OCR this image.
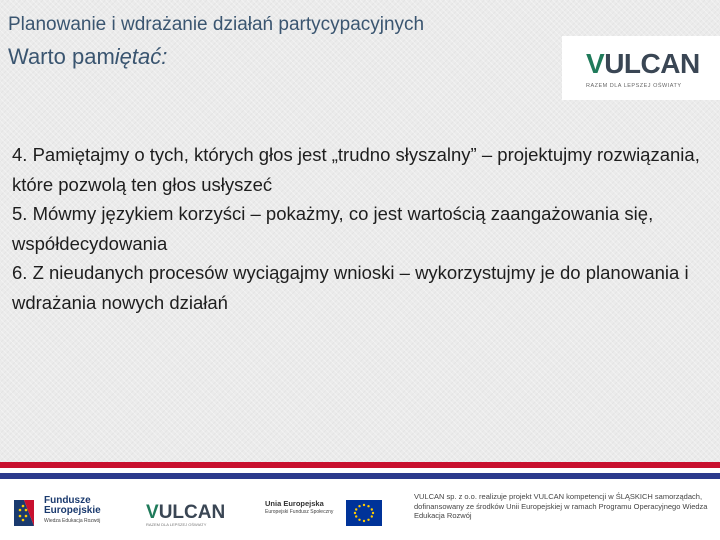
Planowanie i wdrażanie działań partycypacyjnych
Warto pamiętać:	VULCAN
RAZEM DLA LEPSZEJ OŚWIATY

4. Pamiętajmy o tych, których głos jest „trudno słyszalny” – projektujmy rozwiązania, które pozwolą ten głos usłyszeć

5. Mówmy językiem korzyści – pokażmy, co jest wartością zaangażowania się, współdecydowania

6. Z nieudanych procesów wyciągajmy wnioski – wykorzystujmy je do planowania i wdrażania nowych działań

Fundusze
Europejskie
Wiedza Edukacja Rozwój VULCAN
RAZEM DLA LEPSZEJ OŚWIATY
Unia Europejska
Europejski Fundusz Społeczny
VULCAN sp. z o.o. realizuje projekt VULCAN kompetencji w ŚLĄSKICH samorządach, dofinansowany ze środków Unii Europejskiej w ramach Programu Operacyjnego Wiedza Edukacja Rozwój
